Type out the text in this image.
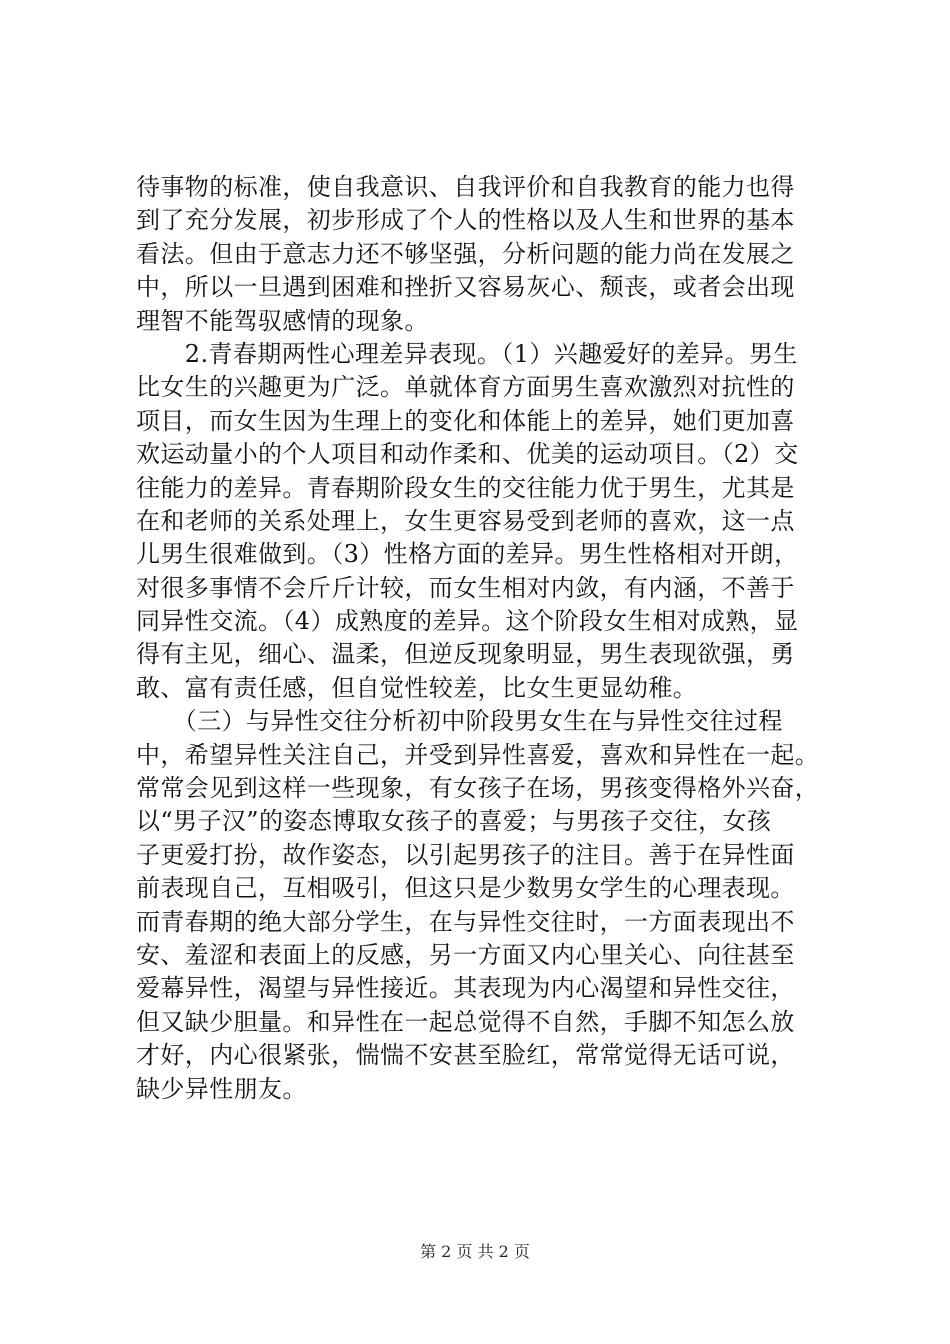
待事物的标准，使自我意识、自我评价和自我教育的能力也得
到了充分发展，初步形成了个人的性格以及人生和世界的基本
看法。但由于意志力还不够坚强，分析问题的能力尚在发展之
中，所以一旦遇到困难和挫折又容易灰心、颓丧，或者会出现
理智不能驾驭感情的现象。
　　2.青春期两性心理差异表现。（1）兴趣爱好的差异。男生
比女生的兴趣更为广泛。单就体育方面男生喜欢激烈对抗性的
项目，而女生因为生理上的变化和体能上的差异，她们更加喜
欢运动量小的个人项目和动作柔和、优美的运动项目。（2）交
往能力的差异。青春期阶段女生的交往能力优于男生，尤其是
在和老师的关系处理上，女生更容易受到老师的喜欢，这一点
儿男生很难做到。（3）性格方面的差异。男生性格相对开朗，
对很多事情不会斤斤计较，而女生相对内敛，有内涵，不善于
同异性交流。（4）成熟度的差异。这个阶段女生相对成熟，显
得有主见，细心、温柔，但逆反现象明显，男生表现欲强，勇
敢、富有责任感，但自觉性较差，比女生更显幼稚。
　　（三）与异性交往分析初中阶段男女生在与异性交往过程
中，希望异性关注自己，并受到异性喜爱，喜欢和异性在一起。
常常会见到这样一些现象，有女孩子在场，男孩变得格外兴奋，
以“男子汉”的姿态博取女孩子的喜爱；与男孩子交往，女孩
子更爱打扮，故作姿态，以引起男孩子的注目。善于在异性面
前表现自己，互相吸引，但这只是少数男女学生的心理表现。
而青春期的绝大部分学生，在与异性交往时，一方面表现出不
安、羞涩和表面上的反感，另一方面又内心里关心、向往甚至
爱幕异性，渴望与异性接近。其表现为内心渴望和异性交往，
但又缺少胆量。和异性在一起总觉得不自然，手脚不知怎么放
才好，内心很紧张，惴惴不安甚至脸红，常常觉得无话可说，
缺少异性朋友。
第 2 页 共 2 页
